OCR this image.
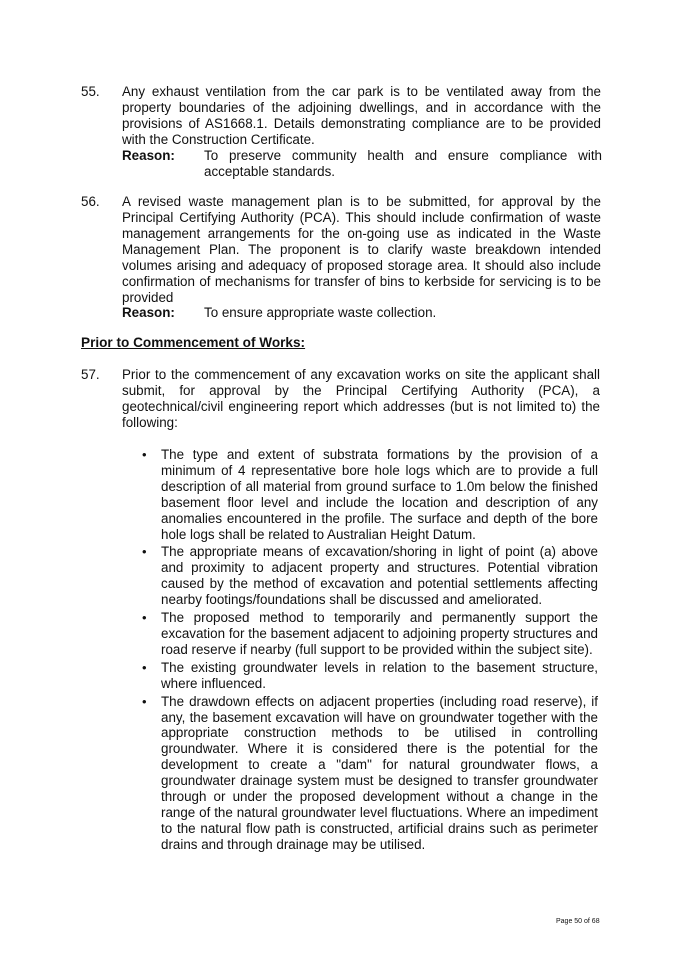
55. Any exhaust ventilation from the car park is to be ventilated away from the property boundaries of the adjoining dwellings, and in accordance with the provisions of AS1668.1. Details demonstrating compliance are to be provided with the Construction Certificate.
Reason: To preserve community health and ensure compliance with acceptable standards.
56. A revised waste management plan is to be submitted, for approval by the Principal Certifying Authority (PCA). This should include confirmation of waste management arrangements for the on-going use as indicated in the Waste Management Plan. The proponent is to clarify waste breakdown intended volumes arising and adequacy of proposed storage area. It should also include confirmation of mechanisms for transfer of bins to kerbside for servicing is to be provided
Reason: To ensure appropriate waste collection.
Prior to Commencement of Works:
57. Prior to the commencement of any excavation works on site the applicant shall submit, for approval by the Principal Certifying Authority (PCA), a geotechnical/civil engineering report which addresses (but is not limited to) the following:
• The type and extent of substrata formations by the provision of a minimum of 4 representative bore hole logs which are to provide a full description of all material from ground surface to 1.0m below the finished basement floor level and include the location and description of any anomalies encountered in the profile. The surface and depth of the bore hole logs shall be related to Australian Height Datum.
• The appropriate means of excavation/shoring in light of point (a) above and proximity to adjacent property and structures. Potential vibration caused by the method of excavation and potential settlements affecting nearby footings/foundations shall be discussed and ameliorated.
• The proposed method to temporarily and permanently support the excavation for the basement adjacent to adjoining property structures and road reserve if nearby (full support to be provided within the subject site).
• The existing groundwater levels in relation to the basement structure, where influenced.
• The drawdown effects on adjacent properties (including road reserve), if any, the basement excavation will have on groundwater together with the appropriate construction methods to be utilised in controlling groundwater. Where it is considered there is the potential for the development to create a "dam" for natural groundwater flows, a groundwater drainage system must be designed to transfer groundwater through or under the proposed development without a change in the range of the natural groundwater level fluctuations. Where an impediment to the natural flow path is constructed, artificial drains such as perimeter drains and through drainage may be utilised.
Page 50 of 68
